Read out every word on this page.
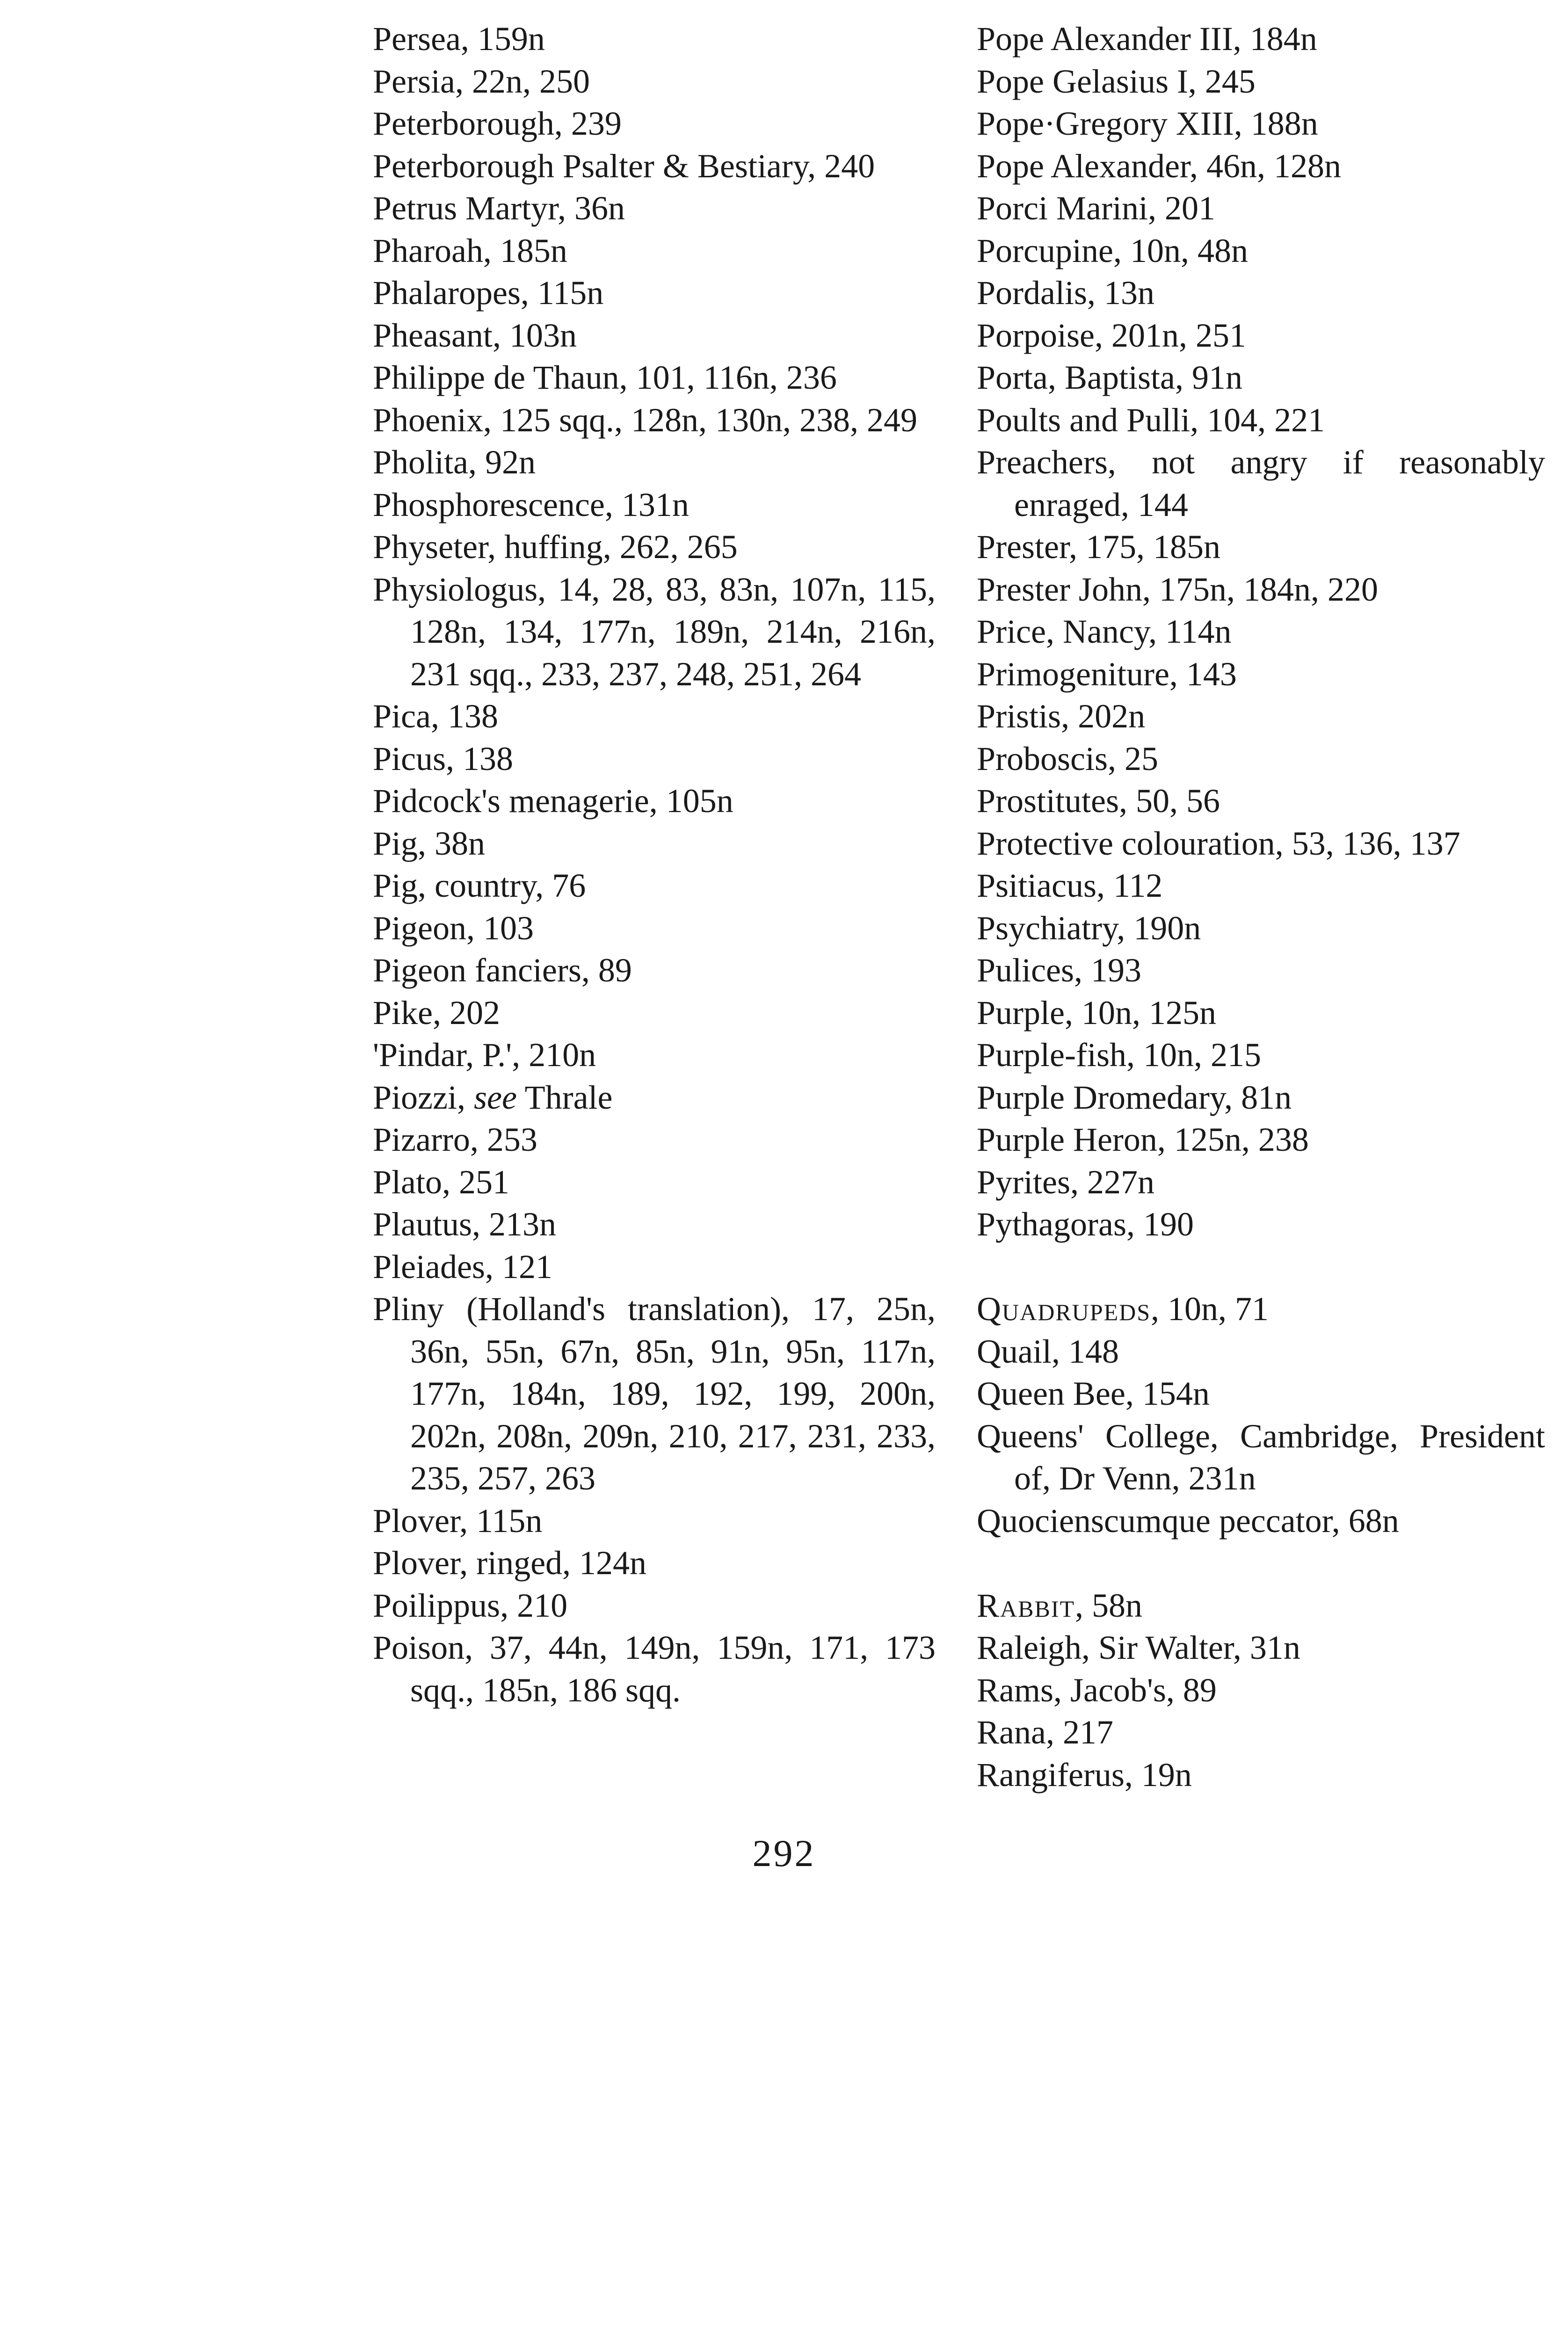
Persea, 159n

Persia, 22n, 250

Peterborough, 239

Peterborough Psalter & Bestiary, 240

Petrus Martyr, 36n

Pharoah, 185n

Phalaropes, 115n

Pheasant, 103n

Philippe de Thaun, 101, 116n, 236

Phoenix, 125 sqq., 128n, 130n, 238, 249

Pholita, 92n

Phosphorescence, 131n

Physeter, huffing, 262, 265

Physiologus, 14, 28, 83, 83n, 107n, 115, 128n, 134, 177n, 189n, 214n, 216n, 231 sqq., 233, 237, 248, 251, 264

Pica, 138

Picus, 138

Pidcock's menagerie, 105n

Pig, 38n

Pig, country, 76

Pigeon, 103

Pigeon fanciers, 89

Pike, 202

'Pindar, P.', 210n

Piozzi, see Thrale

Pizarro, 253

Plato, 251

Plautus, 213n

Pleiades, 121

Pliny (Holland's translation), 17, 25n, 36n, 55n, 67n, 85n, 91n, 95n, 117n, 177n, 184n, 189, 192, 199, 200n, 202n, 208n, 209n, 210, 217, 231, 233, 235, 257, 263

Plover, 115n

Plover, ringed, 124n

Poilippus, 210

Poison, 37, 44n, 149n, 159n, 171, 173 sqq., 185n, 186 sqq.

Pope Alexander III, 184n

Pope Gelasius I, 245

Pope·Gregory XIII, 188n

Pope Alexander, 46n, 128n

Porci Marini, 201

Porcupine, 10n, 48n

Pordalis, 13n

Porpoise, 201n, 251

Porta, Baptista, 91n

Poults and Pulli, 104, 221

Preachers, not angry if reasonably enraged, 144

Prester, 175, 185n

Prester John, 175n, 184n, 220

Price, Nancy, 114n

Primogeniture, 143

Pristis, 202n

Proboscis, 25

Prostitutes, 50, 56

Protective colouration, 53, 136, 137

Psitiacus, 112

Psychiatry, 190n

Pulices, 193

Purple, 10n, 125n

Purple-fish, 10n, 215

Purple Dromedary, 81n

Purple Heron, 125n, 238

Pyrites, 227n

Pythagoras, 190

Quadrupeds, 10n, 71

Quail, 148

Queen Bee, 154n

Queens' College, Cambridge, President of, Dr Venn, 231n

Quocienscumque peccator, 68n

Rabbit, 58n

Raleigh, Sir Walter, 31n

Rams, Jacob's, 89

Rana, 217

Rangiferus, 19n

292
